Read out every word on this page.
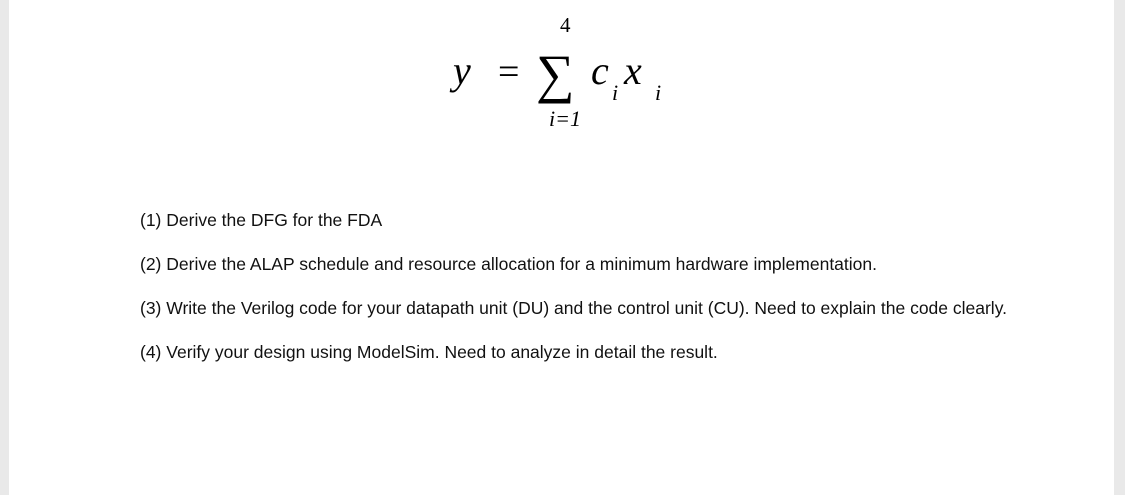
y =
4
∑
i=1
c i x i
(1) Derive the DFG for the FDA
(2) Derive the ALAP schedule and resource allocation for a minimum hardware implementation.
(3) Write the Verilog code for your datapath unit (DU) and the control unit (CU). Need to explain the code clearly.
(4) Verify your design using ModelSim. Need to analyze in detail the result.
